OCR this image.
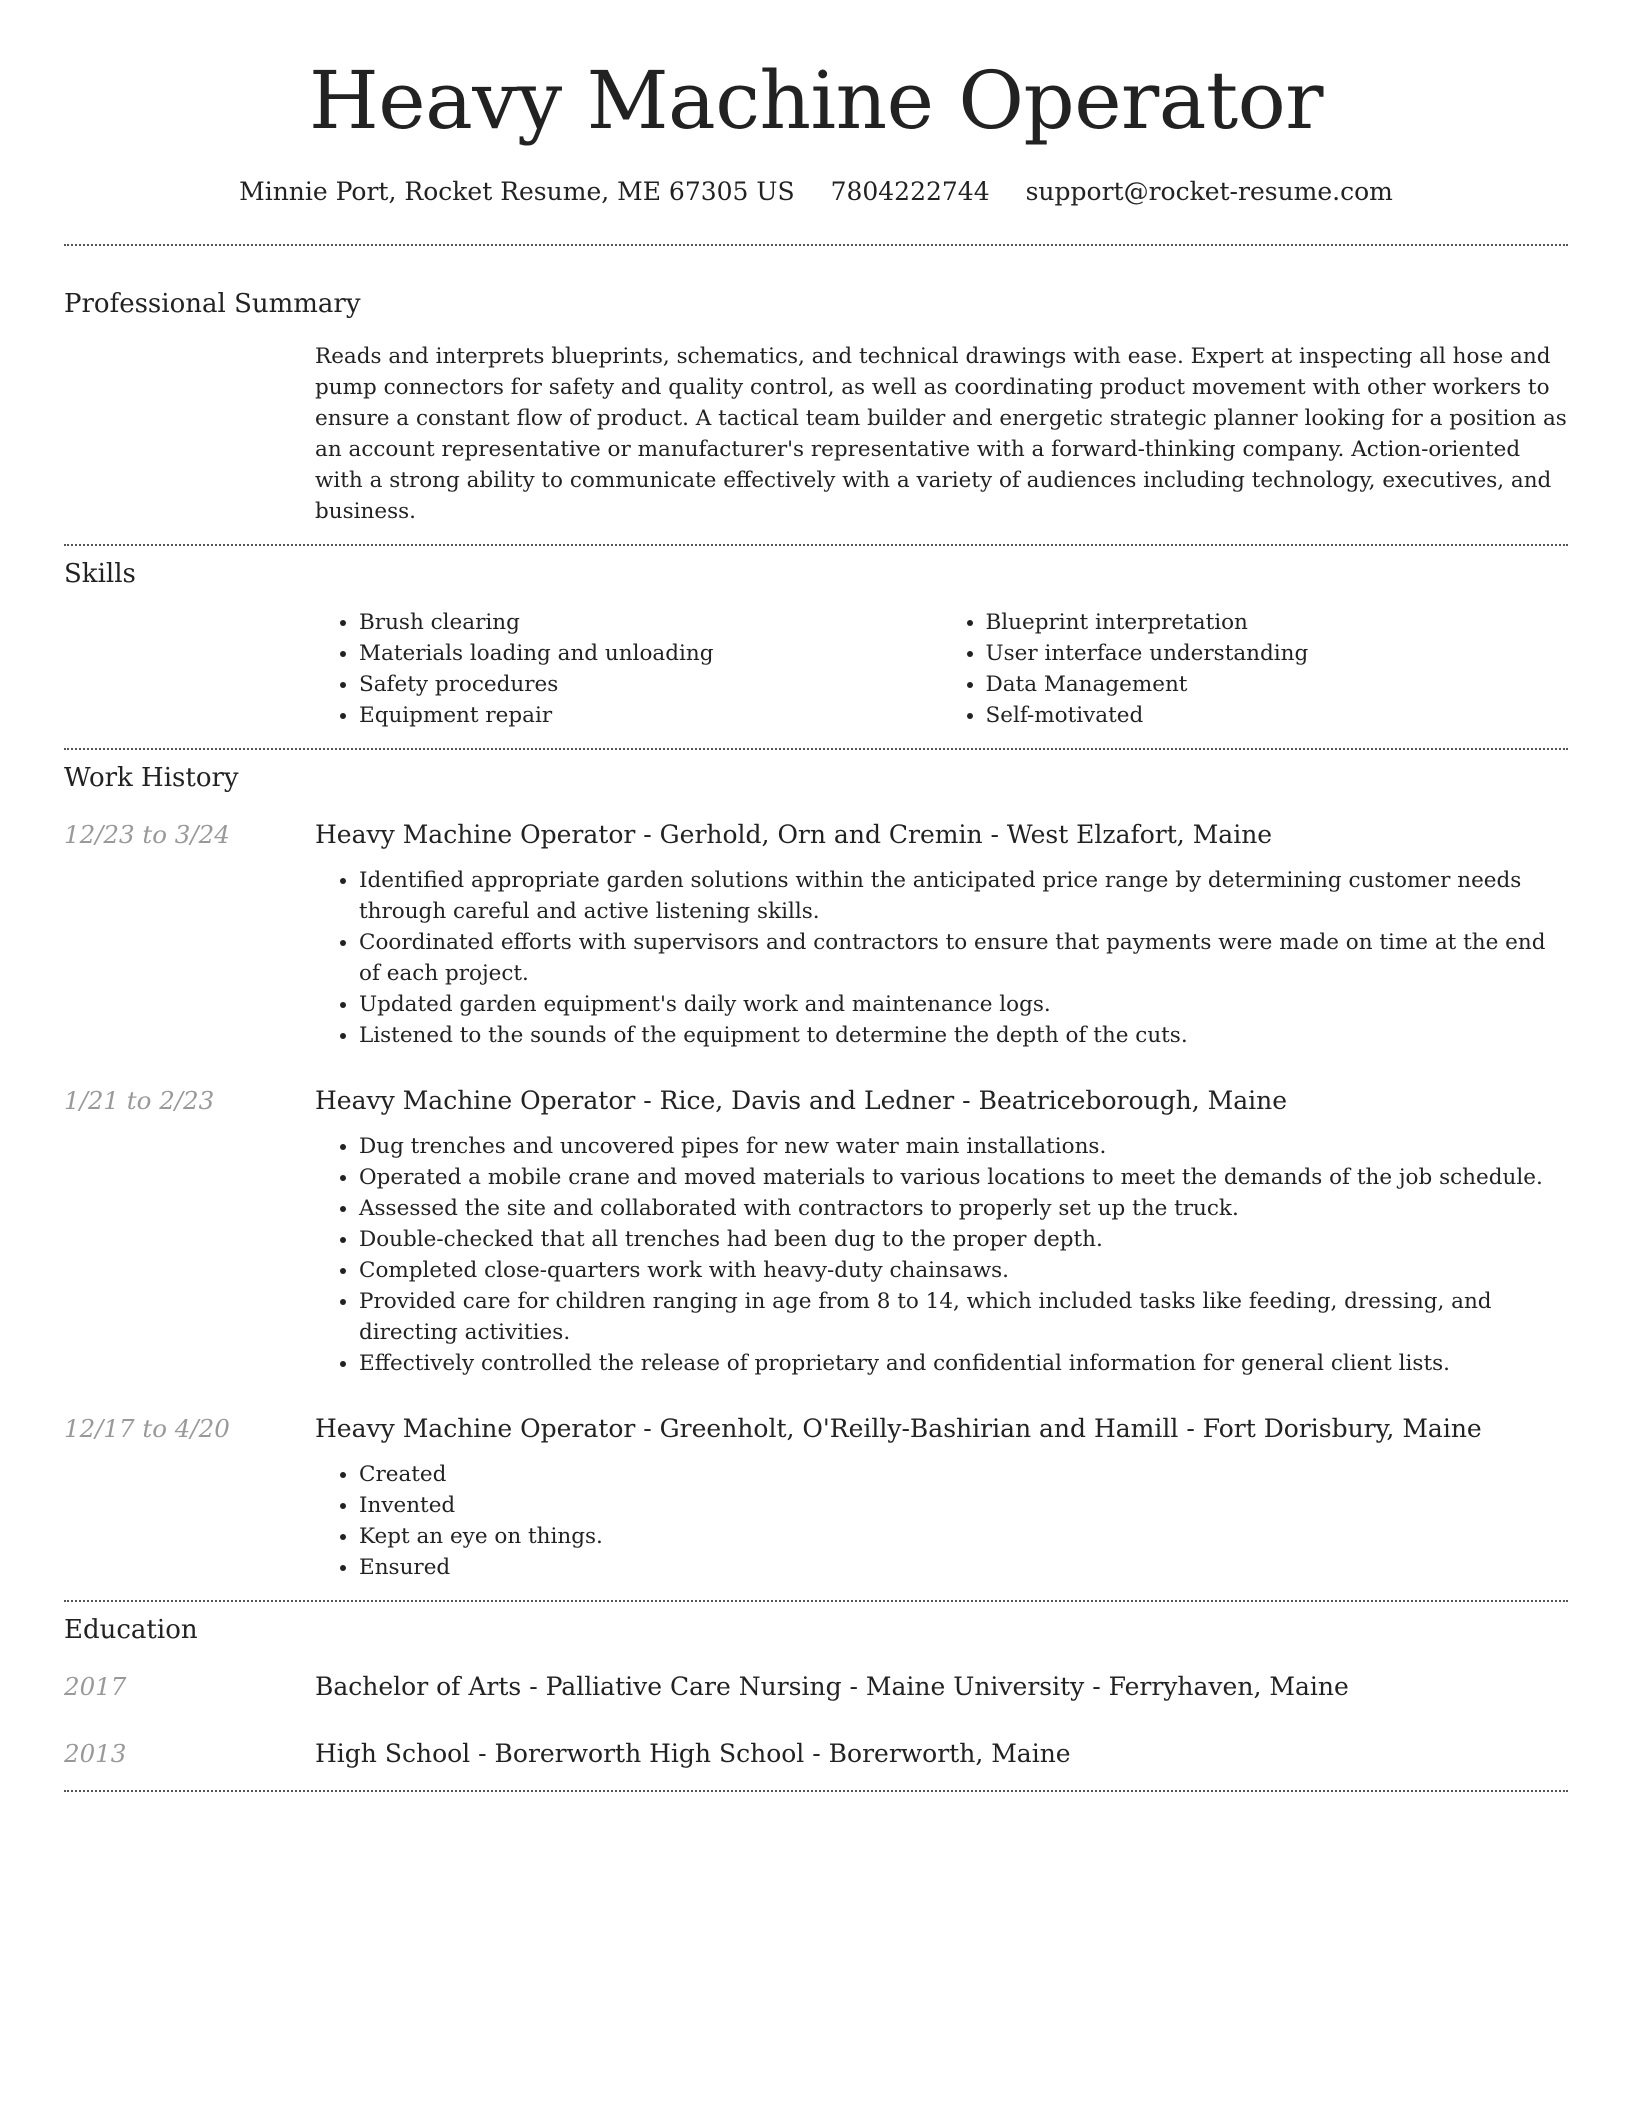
Heavy Machine Operator
Minnie Port, Rocket Resume, ME 67305 US 7804222744 support@rocket-resume.com
Professional Summary

Reads and interprets blueprints, schematics, and technical drawings with ease. Expert at inspecting all hose and pump connectors for safety and quality control, as well as coordinating product movement with other workers to ensure a constant flow of product. A tactical team builder and energetic strategic planner looking for a position as an account representative or manufacturer's representative with a forward-thinking company. Action-oriented with a strong ability to communicate effectively with a variety of audiences including technology, executives, and business.

Skills
• Brush clearing
• Materials loading and unloading
• Safety procedures
• Equipment repair
• Blueprint interpretation
• User interface understanding
• Data Management
• Self-motivated
Work History
12/23 to 3/24	Heavy Machine Operator - Gerhold, Orn and Cremin - West Elzafort, Maine
• Identified appropriate garden solutions within the anticipated price range by determining customer needs through careful and active listening skills.
• Coordinated efforts with supervisors and contractors to ensure that payments were made on time at the end of each project.
• Updated garden equipment's daily work and maintenance logs.
• Listened to the sounds of the equipment to determine the depth of the cuts.
1/21 to 2/23	Heavy Machine Operator - Rice, Davis and Ledner - Beatriceborough, Maine
• Dug trenches and uncovered pipes for new water main installations.
• Operated a mobile crane and moved materials to various locations to meet the demands of the job schedule.
• Assessed the site and collaborated with contractors to properly set up the truck.
• Double-checked that all trenches had been dug to the proper depth.
• Completed close-quarters work with heavy-duty chainsaws.
• Provided care for children ranging in age from 8 to 14, which included tasks like feeding, dressing, and directing activities.
• Effectively controlled the release of proprietary and confidential information for general client lists.
12/17 to 4/20	Heavy Machine Operator - Greenholt, O'Reilly-Bashirian and Hamill - Fort Dorisbury, Maine
• Created
• Invented
• Kept an eye on things.
• Ensured
Education
2017	Bachelor of Arts - Palliative Care Nursing - Maine University - Ferryhaven, Maine
2013	High School - Borerworth High School - Borerworth, Maine
